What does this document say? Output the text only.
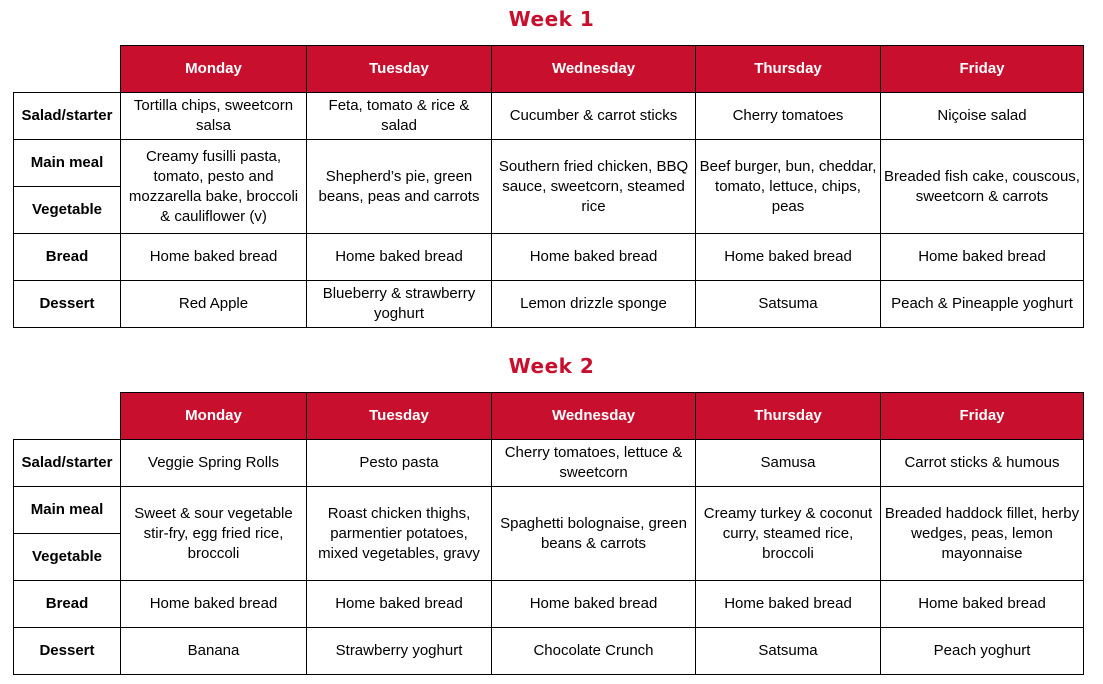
Week 1
	Monday	Tuesday	Wednesday	Thursday	Friday
Salad/starter	Tortilla chips, sweetcorn salsa	Feta, tomato & rice & salad	Cucumber & carrot sticks	Cherry tomatoes	Niçoise salad
Main meal	Creamy fusilli pasta, tomato, pesto and mozzarella bake, broccoli & cauliflower (v)	Shepherd’s pie, green beans, peas and carrots	Southern fried chicken, BBQ sauce, sweetcorn, steamed rice	Beef burger, bun, cheddar, tomato, lettuce, chips, peas	Breaded fish cake, couscous, sweetcorn & carrots
Vegetable					
Bread	Home baked bread	Home baked bread	Home baked bread	Home baked bread	Home baked bread
Dessert	Red Apple	Blueberry & strawberry yoghurt	Lemon drizzle sponge	Satsuma	Peach & Pineapple yoghurt
Week 2
	Monday	Tuesday	Wednesday	Thursday	Friday
Salad/starter	Veggie Spring Rolls	Pesto pasta	Cherry tomatoes, lettuce & sweetcorn	Samusa	Carrot sticks & humous
Main meal	Sweet & sour vegetable stir-fry, egg fried rice, broccoli	Roast chicken thighs, parmentier potatoes, mixed vegetables, gravy	Spaghetti bolognaise, green beans & carrots	Creamy turkey & coconut curry, steamed rice, broccoli	Breaded haddock fillet, herby wedges, peas, lemon mayonnaise
Vegetable					
Bread	Home baked bread	Home baked bread	Home baked bread	Home baked bread	Home baked bread
Dessert	Banana	Strawberry yoghurt	Chocolate Crunch	Satsuma	Peach yoghurt
